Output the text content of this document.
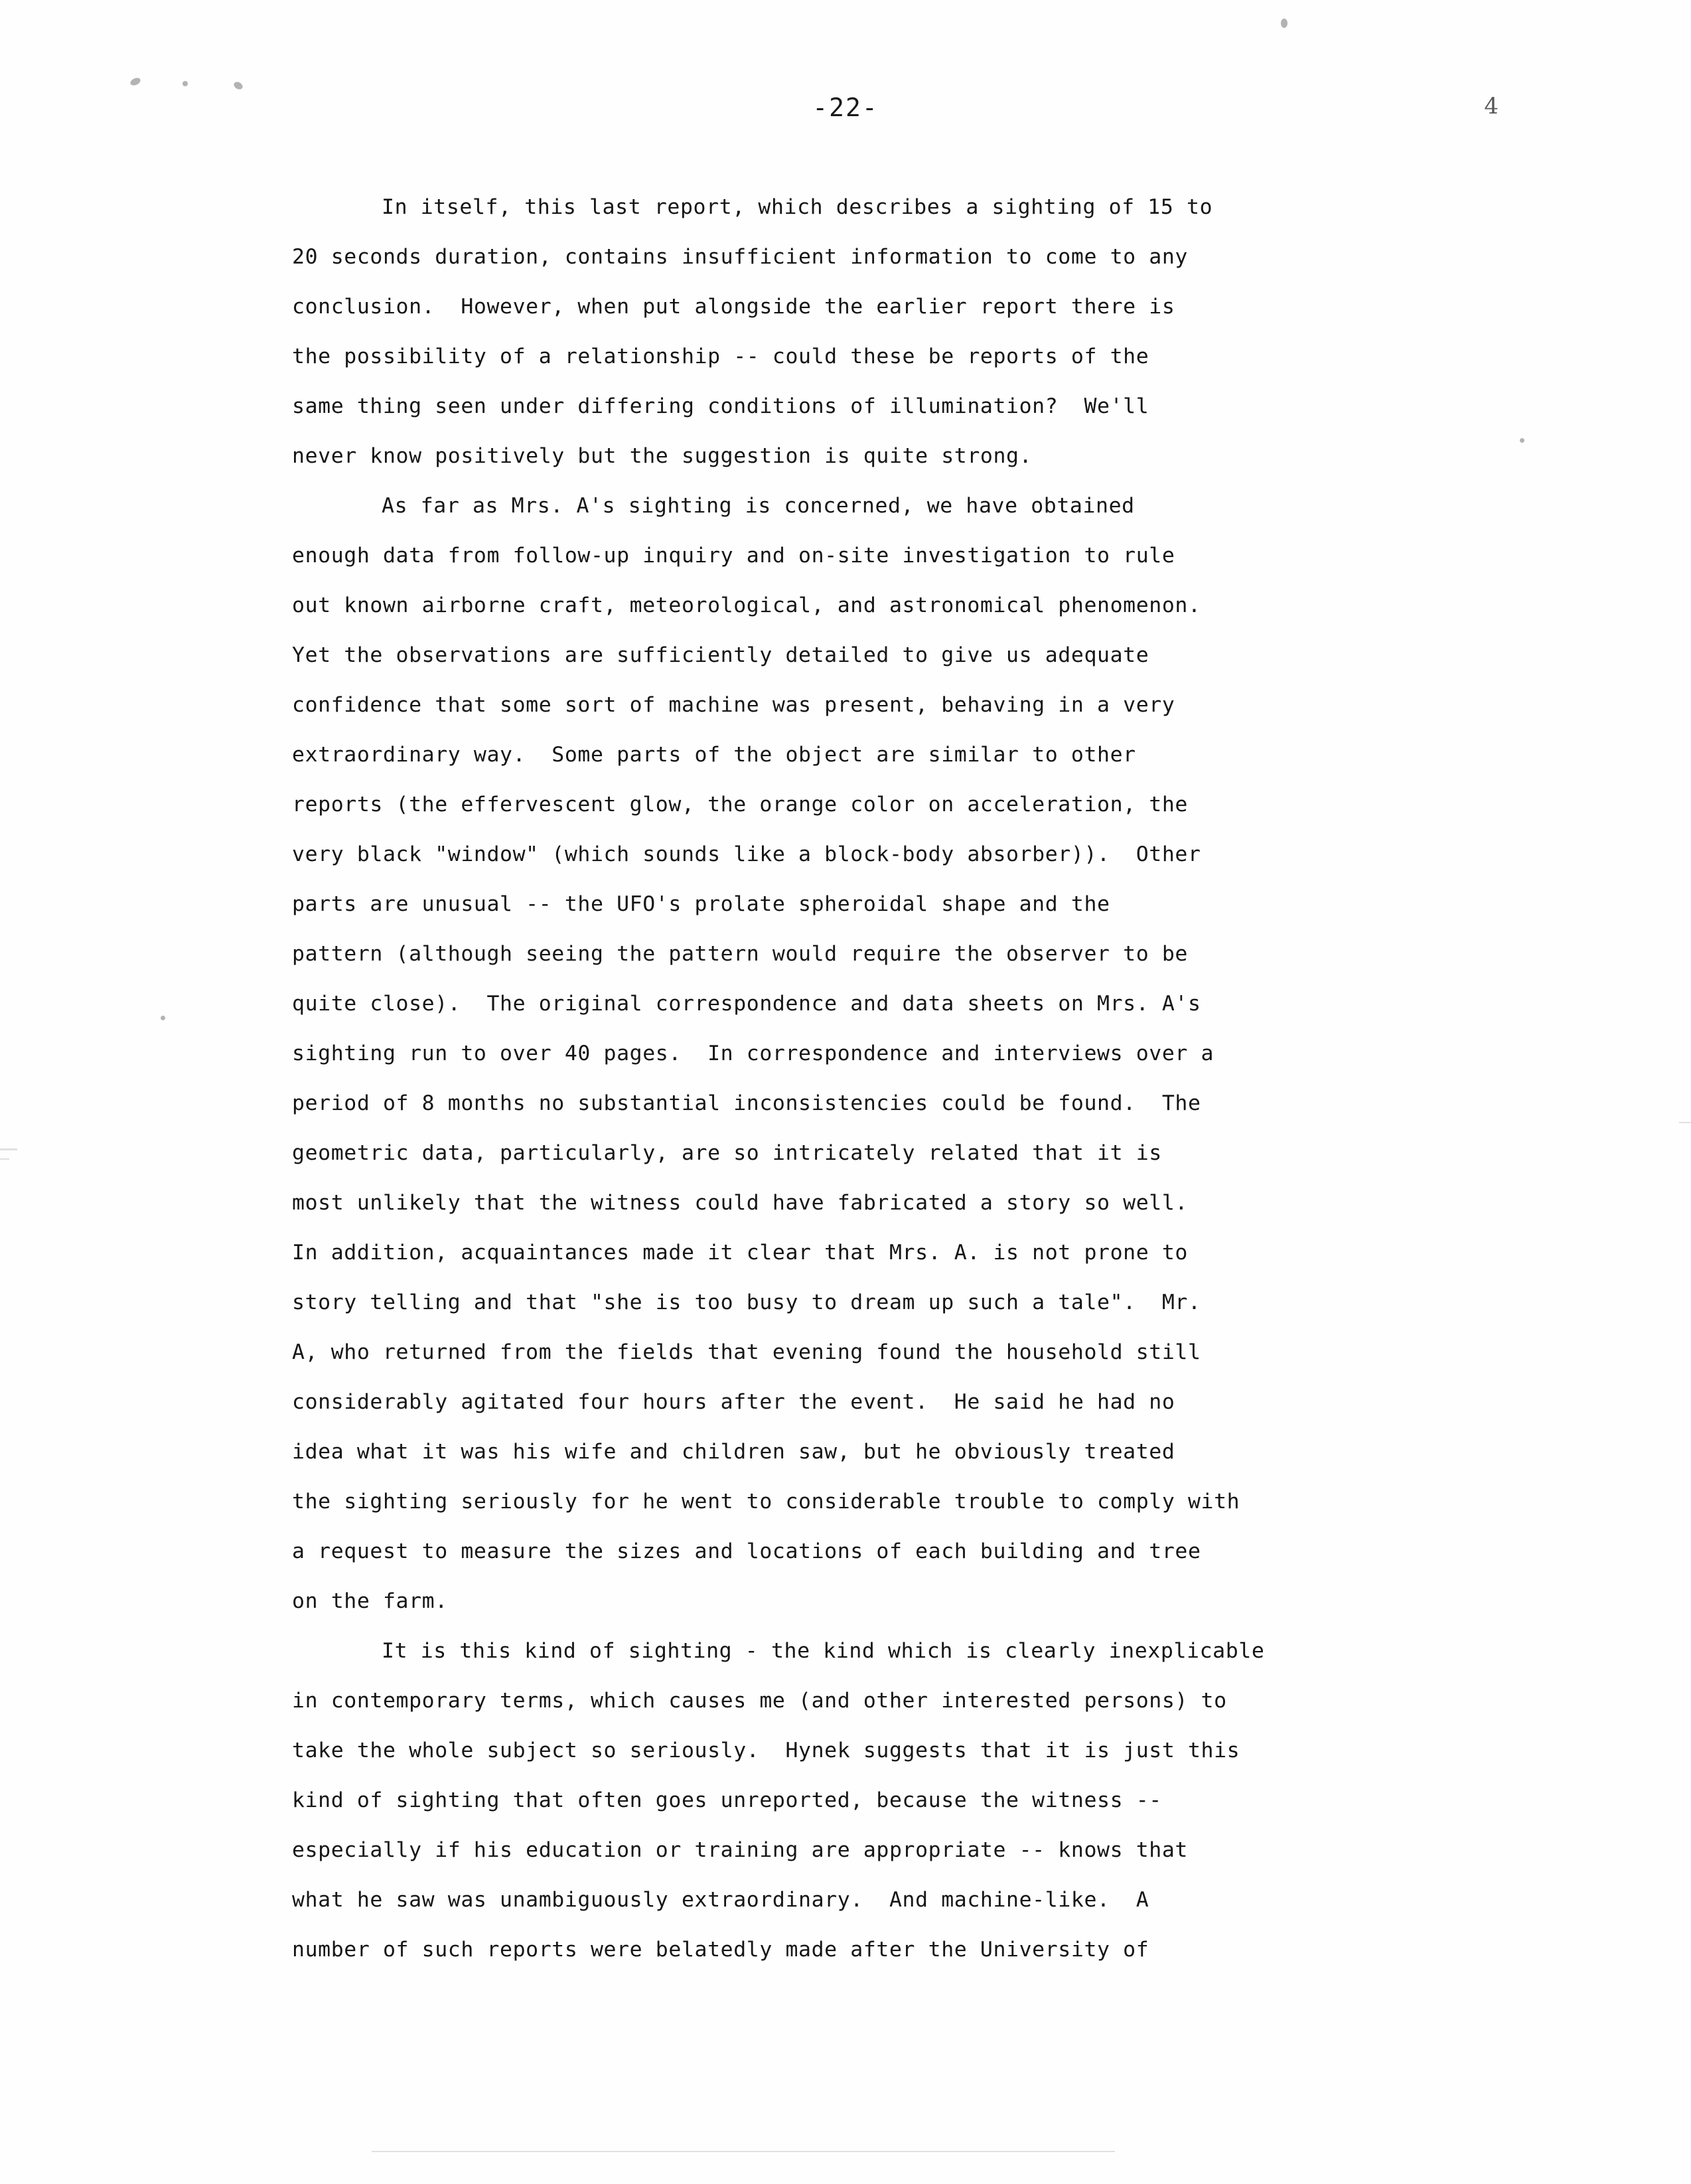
-22-	4
In itself, this last report, which describes a sighting of 15 to
20 seconds duration, contains insufficient information to come to any
conclusion.  However, when put alongside the earlier report there is
the possibility of a relationship -- could these be reports of the
same thing seen under differing conditions of illumination?  We'll
never know positively but the suggestion is quite strong.
As far as Mrs. A's sighting is concerned, we have obtained
enough data from follow-up inquiry and on-site investigation to rule
out known airborne craft, meteorological, and astronomical phenomenon.
Yet the observations are sufficiently detailed to give us adequate
confidence that some sort of machine was present, behaving in a very
extraordinary way.  Some parts of the object are similar to other
reports (the effervescent glow, the orange color on acceleration, the
very black "window" (which sounds like a block-body absorber)).  Other
parts are unusual -- the UFO's prolate spheroidal shape and the
pattern (although seeing the pattern would require the observer to be
quite close).  The original correspondence and data sheets on Mrs. A's
sighting run to over 40 pages.  In correspondence and interviews over a
period of 8 months no substantial inconsistencies could be found.  The
geometric data, particularly, are so intricately related that it is
most unlikely that the witness could have fabricated a story so well.
In addition, acquaintances made it clear that Mrs. A. is not prone to
story telling and that "she is too busy to dream up such a tale".  Mr.
A, who returned from the fields that evening found the household still
considerably agitated four hours after the event.  He said he had no
idea what it was his wife and children saw, but he obviously treated
the sighting seriously for he went to considerable trouble to comply with
a request to measure the sizes and locations of each building and tree
on the farm.
It is this kind of sighting - the kind which is clearly inexplicable
in contemporary terms, which causes me (and other interested persons) to
take the whole subject so seriously.  Hynek suggests that it is just this
kind of sighting that often goes unreported, because the witness --
especially if his education or training are appropriate -- knows that
what he saw was unambiguously extraordinary.  And machine-like.  A
number of such reports were belatedly made after the University of
